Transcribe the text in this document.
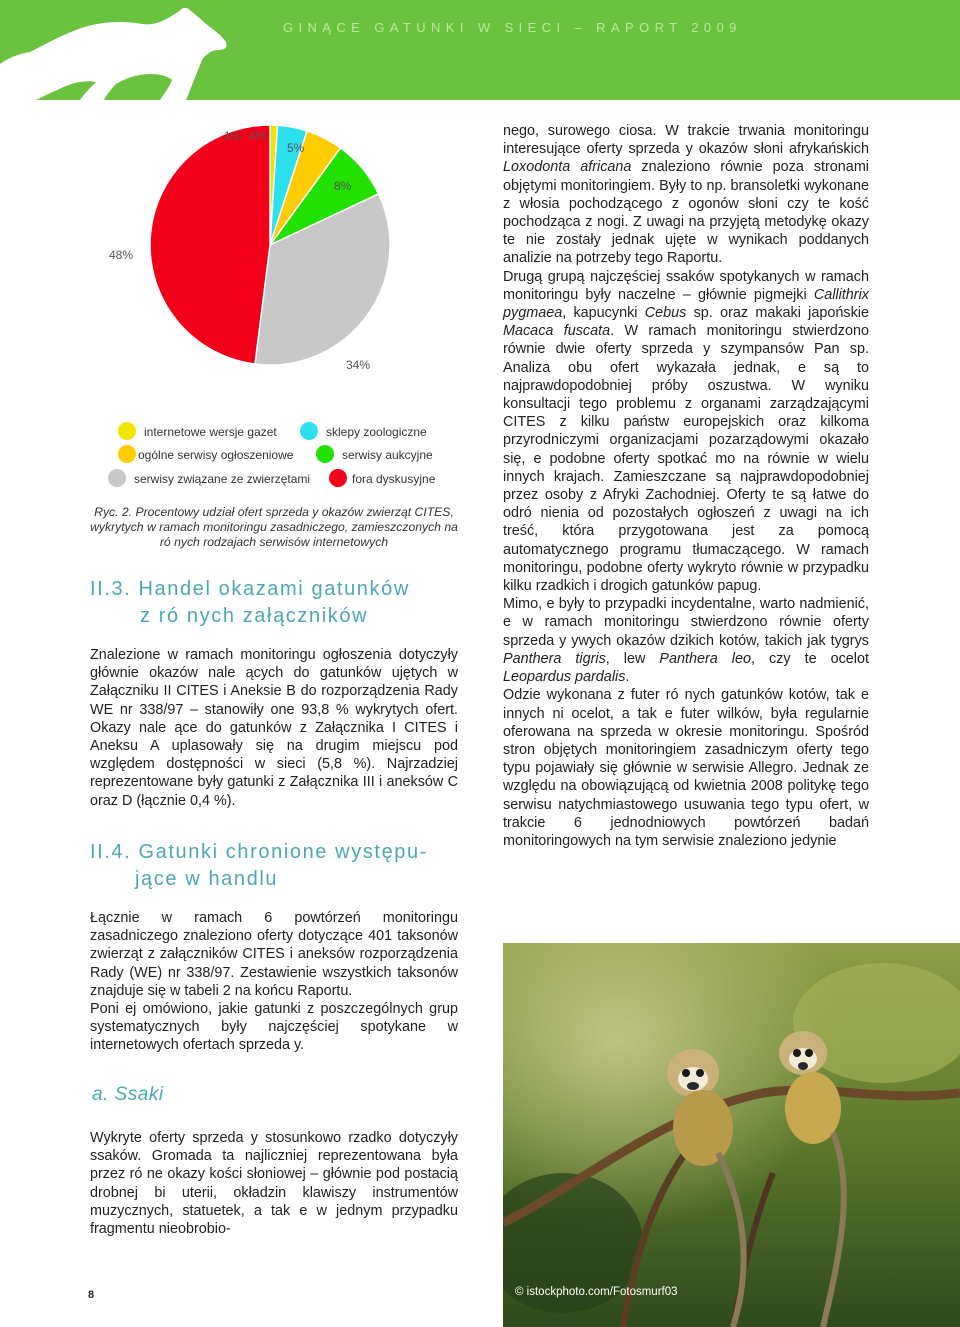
GINĄCE GATUNKI W SIECI – RAPORT 2009
1% 4%
5%
8%
34%
48%
internetowe wersje gazet	sklepy zoologiczne
ogólne serwisy ogłoszeniowe	serwisy aukcyjne
serwisy związane ze zwierzętami	fora dyskusyjne
Ryc. 2. Procentowy udział ofert sprzeda y okazów zwierząt CITES, wykrytych w ramach monitoringu zasadniczego, zamieszczonych na ró nych rodzajach serwisów internetowych
II.3. Handel okazami gatunków
z ró nych załączników

Znalezione w ramach monitoringu ogłoszenia dotyczyły głównie okazów nale ących do gatunków ujętych w Załączniku II CITES i Aneksie B do rozporządzenia Rady WE nr 338/97 – stanowiły one 93,8 % wykrytych ofert. Okazy nale ące do gatunków z Załącznika I CITES i Aneksu A uplasowały się na drugim miejscu pod względem dostępności w sieci (5,8 %). Najrzadziej reprezentowane były gatunki z Załącznika III i aneksów C oraz D (łącznie 0,4 %).

II.4. Gatunki chronione występu-
jące w handlu

Łącznie w ramach 6 powtórzeń monitoringu zasadniczego znaleziono oferty dotyczące 401 taksonów zwierząt z załączników CITES i aneksów rozporządzenia Rady (WE) nr 338/97. Zestawienie wszystkich taksonów znajduje się w tabeli 2 na końcu Raportu.

Poni ej omówiono, jakie gatunki z poszczególnych grup systematycznych były najczęściej spotykane w internetowych ofertach sprzeda y.

a. Ssaki

Wykryte oferty sprzeda y stosunkowo rzadko dotyczyły ssaków. Gromada ta najliczniej reprezentowana była przez ró ne okazy kości słoniowej – głównie pod postacią drobnej bi uterii, okładzin klawiszy instrumentów muzycznych, statuetek, a tak e w jednym przypadku fragmentu nieobrobio-

nego, surowego ciosa. W trakcie trwania monitoringu interesujące oferty sprzeda y okazów słoni afrykańskich Loxodonta africana znaleziono równie poza stronami objętymi monitoringiem. Były to np. bransoletki wykonane z włosia pochodzącego z ogonów słoni czy te kość pochodząca z nogi. Z uwagi na przyjętą metodykę okazy te nie zostały jednak ujęte w wynikach poddanych analizie na potrzeby tego Raportu.

Drugą grupą najczęściej ssaków spotykanych w ramach monitoringu były naczelne – głównie pigmejki Callithrix pygmaea, kapucynki Cebus sp. oraz makaki japońskie Macaca fuscata. W ramach monitoringu stwierdzono równie dwie oferty sprzeda y szympansów Pan sp. Analiza obu ofert wykazała jednak, e są to najprawdopodobniej próby oszustwa. W wyniku konsultacji tego problemu z organami zarządzającymi CITES z kilku państw europejskich oraz kilkoma przyrodniczymi organizacjami pozarządowymi okazało się, e podobne oferty spotkać mo na równie w wielu innych krajach. Zamieszczane są najprawdopodobniej przez osoby z Afryki Zachodniej. Oferty te są łatwe do odró nienia od pozostałych ogłoszeń z uwagi na ich treść, która przygotowana jest za pomocą automatycznego programu tłumaczącego. W ramach monitoringu, podobne oferty wykryto równie w przypadku kilku rzadkich i drogich gatunków papug.

Mimo, e były to przypadki incydentalne, warto nadmienić, e w ramach monitoringu stwierdzono równie oferty sprzeda y ywych okazów dzikich kotów, takich jak tygrys Panthera tigris, lew Panthera leo, czy te ocelot Leopardus pardalis.

Odzie wykonana z futer ró nych gatunków kotów, tak e innych ni ocelot, a tak e futer wilków, była regularnie oferowana na sprzeda w okresie monitoringu. Spośród stron objętych monitoringiem zasadniczym oferty tego typu pojawiały się głównie w serwisie Allegro. Jednak ze względu na obowiązującą od kwietnia 2008 politykę tego serwisu natychmiastowego usuwania tego typu ofert, w trakcie 6 jednodniowych powtórzeń badań monitoringowych na tym serwisie znaleziono jedynie

© istockphoto.com/Fotosmurf03
8
